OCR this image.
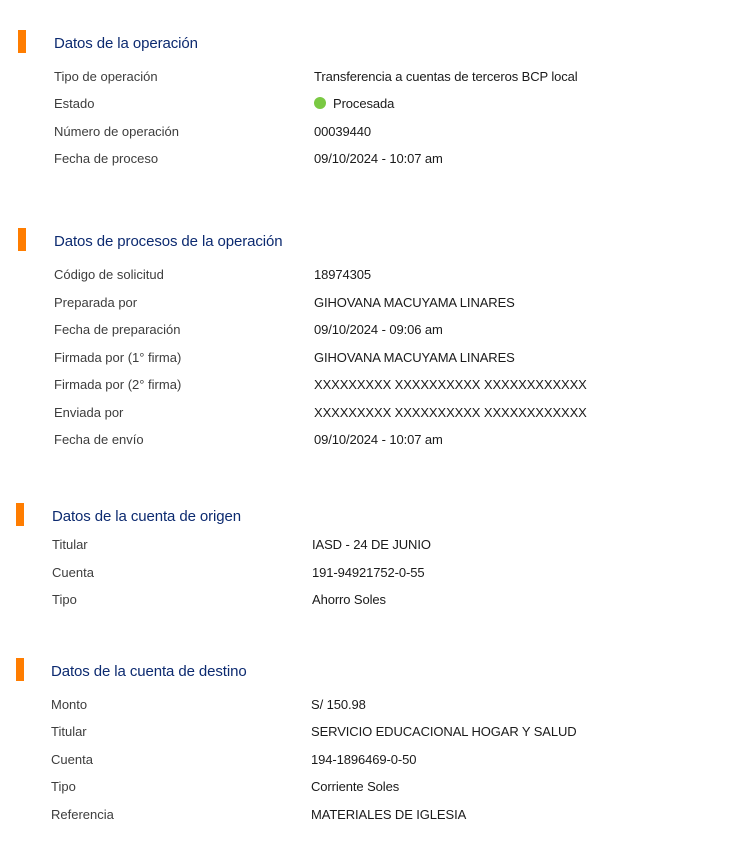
Datos de la operación
Tipo de operación	Transferencia a cuentas de terceros BCP local
Estado	Procesada
Número de operación	00039440
Fecha de proceso	09/10/2024 - 10:07 am
Datos de procesos de la operación
Código de solicitud	18974305
Preparada por	GIHOVANA MACUYAMA LINARES
Fecha de preparación	09/10/2024 - 09:06 am
Firmada por (1° firma)	GIHOVANA MACUYAMA LINARES
Firmada por (2° firma)	XXXXXXXXX XXXXXXXXXX XXXXXXXXXXXX
Enviada por	XXXXXXXXX XXXXXXXXXX XXXXXXXXXXXX
Fecha de envío	09/10/2024 - 10:07 am
Datos de la cuenta de origen
Titular	IASD - 24 DE JUNIO
Cuenta	191-94921752-0-55
Tipo	Ahorro Soles
Datos de la cuenta de destino
Monto	S/ 150.98
Titular	SERVICIO EDUCACIONAL HOGAR Y SALUD
Cuenta	194-1896469-0-50
Tipo	Corriente Soles
Referencia	MATERIALES DE IGLESIA
